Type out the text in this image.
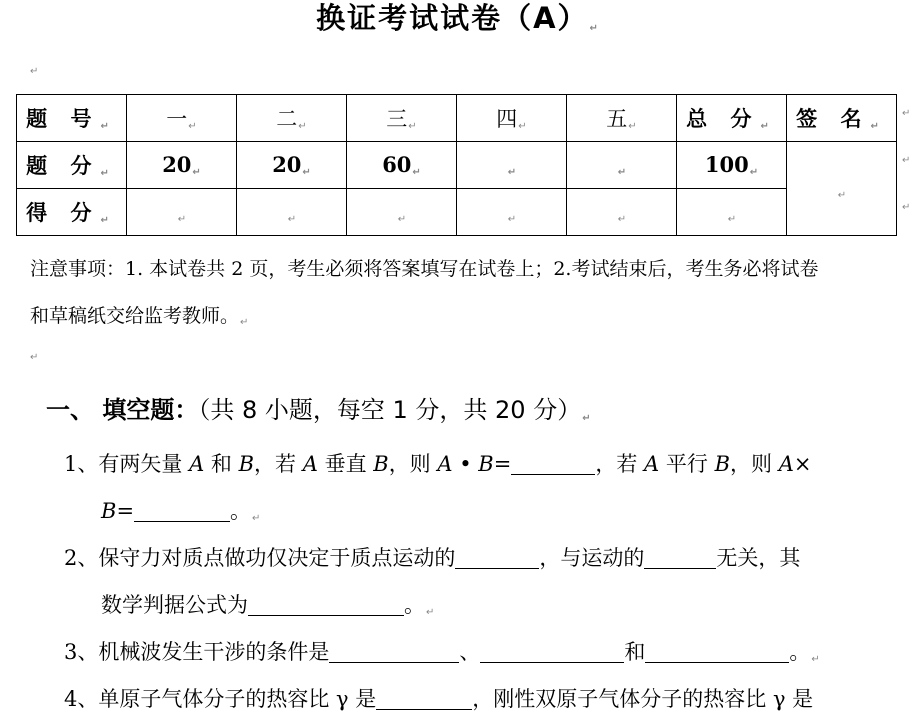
换证考试试卷（A）↵
↵
题 号↵	一↵	二↵	三↵	四↵	五↵	总 分↵	签 名↵
题 分↵	20↵	20↵	60↵	↵	↵	100↵	↵
得 分↵	↵	↵	↵	↵	↵	↵	
↵
↵
↵
注意事项：1. 本试卷共 2 页，考生必须将答案填写在试卷上；2.考试结束后，考生务必将试卷
和草稿纸交给监考教师。↵
↵
一、 填空题：（共 8 小题，每空 1 分，共 20 分）↵
1、有两矢量 A 和 B，若 A 垂直 B，则 A • B=	，若 A 平行 B，则 A×
B=	。↵
2、保守力对质点做功仅决定于质点运动的	，与运动的	无关，其
数学判据公式为	。↵
3、机械波发生干涉的条件是	、	和	。↵
4、单原子气体分子的热容比 γ 是	，刚性双原子气体分子的热容比 γ 是
